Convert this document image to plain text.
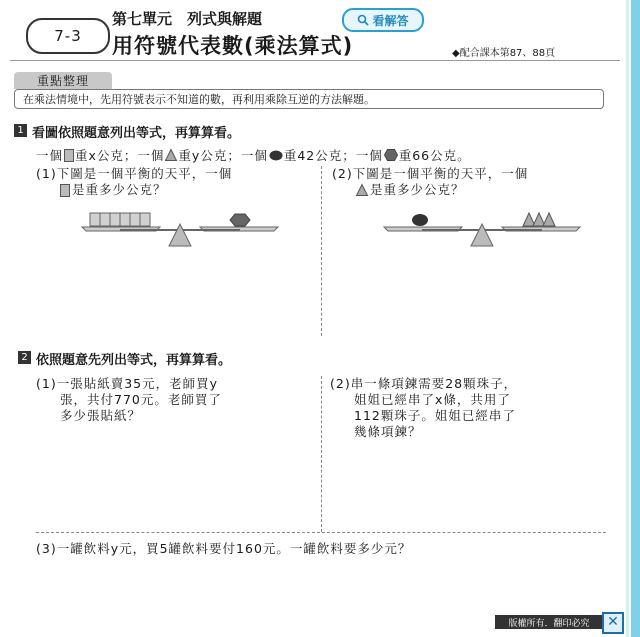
7-3
第七單元　列式與解題	看解答
用符號代表數(乘法算式)	◆配合課本第87、88頁
重點整理
在乘法情境中，先用符號表示不知道的數，再利用乘除互逆的方法解題。
1 看圖依照題意列出等式，再算算看。
一個 重x公克；一個 重y公克；一個 重42公克；一個 重66公克。
(1)下圖是一個平衡的天平，一個
是重多少公克？
(2)下圖是一個平衡的天平，一個
是重多少公克？
2 依照題意先列出等式，再算算看。
(1)一張貼紙賣35元，老師買y
張，共付770元。老師買了
多少張貼紙？
(2)串一條項鍊需要28顆珠子，
姐姐已經串了x條，共用了
112顆珠子。姐姐已經串了
幾條項鍊？
(3)一罐飲料y元，買5罐飲料要付160元。一罐飲料要多少元？
版權所有．翻印必究	✕
